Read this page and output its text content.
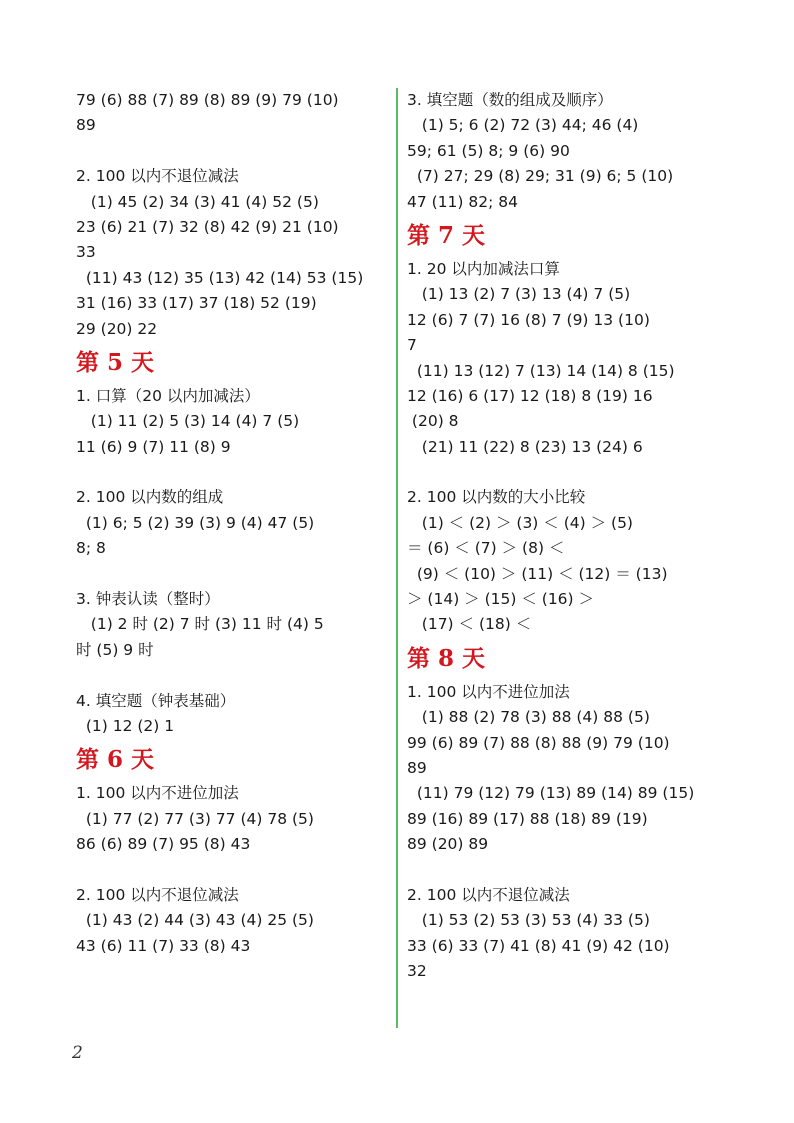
79 (6) 88 (7) 89 (8) 89 (9) 79 (10)
89
2. 100 以内不退位减法
(1) 45 (2) 34 (3) 41 (4) 52 (5)
23 (6) 21 (7) 32 (8) 42 (9) 21 (10)
33
(11) 43 (12) 35 (13) 42 (14) 53 (15)
31 (16) 33 (17) 37 (18) 52 (19)
29 (20) 22
第 5 天
1. 口算（20 以内加减法）
(1) 11 (2) 5 (3) 14 (4) 7 (5)
11 (6) 9 (7) 11 (8) 9
2. 100 以内数的组成
(1) 6; 5 (2) 39 (3) 9 (4) 47 (5)
8; 8
3. 钟表认读（整时）
(1) 2 时 (2) 7 时 (3) 11 时 (4) 5
时 (5) 9 时
4. 填空题（钟表基础）
(1) 12 (2) 1
第 6 天
1. 100 以内不进位加法
(1) 77 (2) 77 (3) 77 (4) 78 (5)
86 (6) 89 (7) 95 (8) 43
2. 100 以内不退位减法
(1) 43 (2) 44 (3) 43 (4) 25 (5)
43 (6) 11 (7) 33 (8) 43
3. 填空题（数的组成及顺序）
(1) 5; 6 (2) 72 (3) 44; 46 (4)
59; 61 (5) 8; 9 (6) 90
(7) 27; 29 (8) 29; 31 (9) 6; 5 (10)
47 (11) 82; 84
第 7 天
1. 20 以内加减法口算
(1) 13 (2) 7 (3) 13 (4) 7 (5)
12 (6) 7 (7) 16 (8) 7 (9) 13 (10)
7
(11) 13 (12) 7 (13) 14 (14) 8 (15)
12 (16) 6 (17) 12 (18) 8 (19) 16
(20) 8
(21) 11 (22) 8 (23) 13 (24) 6
2. 100 以内数的大小比较
(1) ＜ (2) ＞ (3) ＜ (4) ＞ (5)
＝ (6) ＜ (7) ＞ (8) ＜
(9) ＜ (10) ＞ (11) ＜ (12) ＝ (13)
＞ (14) ＞ (15) ＜ (16) ＞
(17) ＜ (18) ＜
第 8 天
1. 100 以内不进位加法
(1) 88 (2) 78 (3) 88 (4) 88 (5)
99 (6) 89 (7) 88 (8) 88 (9) 79 (10)
89
(11) 79 (12) 79 (13) 89 (14) 89 (15)
89 (16) 89 (17) 88 (18) 89 (19)
89 (20) 89
2. 100 以内不退位减法
(1) 53 (2) 53 (3) 53 (4) 33 (5)
33 (6) 33 (7) 41 (8) 41 (9) 42 (10)
32
2
